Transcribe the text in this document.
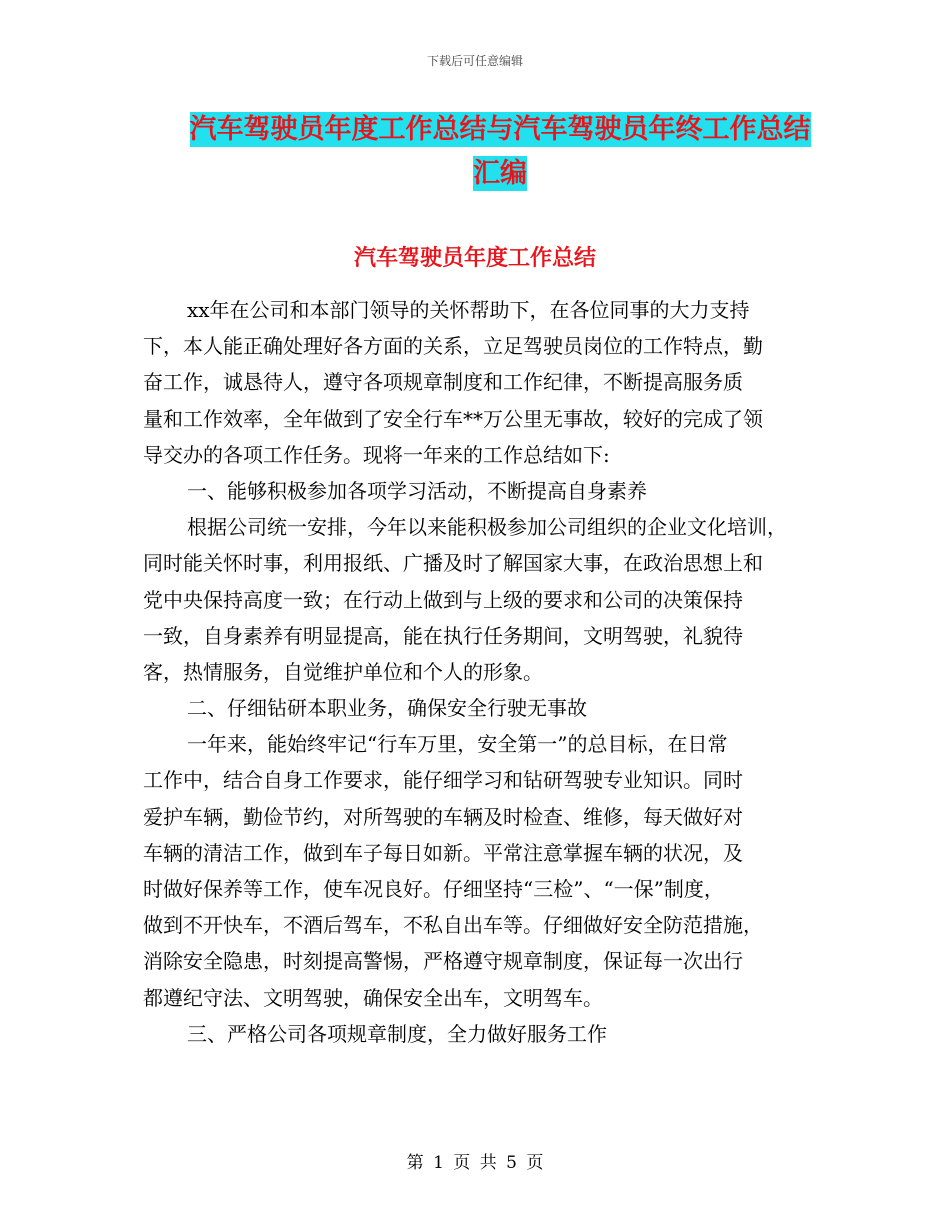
下载后可任意编辑
汽车驾驶员年度工作总结与汽车驾驶员年终工作总结
汇编
汽车驾驶员年度工作总结
xx年在公司和本部门领导的关怀帮助下，在各位同事的大力支持
下，本人能正确处理好各方面的关系，立足驾驶员岗位的工作特点，勤
奋工作，诚恳待人，遵守各项规章制度和工作纪律，不断提高服务质
量和工作效率，全年做到了安全行车**万公里无事故，较好的完成了领
导交办的各项工作任务。现将一年来的工作总结如下:
一、能够积极参加各项学习活动，不断提高自身素养
根据公司统一安排，今年以来能积极参加公司组织的企业文化培训，
同时能关怀时事，利用报纸、广播及时了解国家大事，在政治思想上和
党中央保持高度一致；在行动上做到与上级的要求和公司的决策保持
一致，自身素养有明显提高，能在执行任务期间，文明驾驶，礼貌待
客，热情服务，自觉维护单位和个人的形象。
二、仔细钻研本职业务，确保安全行驶无事故
一年来，能始终牢记“行车万里，安全第一”的总目标，在日常
工作中，结合自身工作要求，能仔细学习和钻研驾驶专业知识。同时
爱护车辆，勤俭节约，对所驾驶的车辆及时检查、维修，每天做好对
车辆的清洁工作，做到车子每日如新。平常注意掌握车辆的状况，及
时做好保养等工作，使车况良好。仔细坚持“三检”、“一保”制度，
做到不开快车，不酒后驾车，不私自出车等。仔细做好安全防范措施，
消除安全隐患，时刻提高警惕，严格遵守规章制度，保证每一次出行
都遵纪守法、文明驾驶，确保安全出车，文明驾车。
三、严格公司各项规章制度，全力做好服务工作
第 1 页 共 5 页
